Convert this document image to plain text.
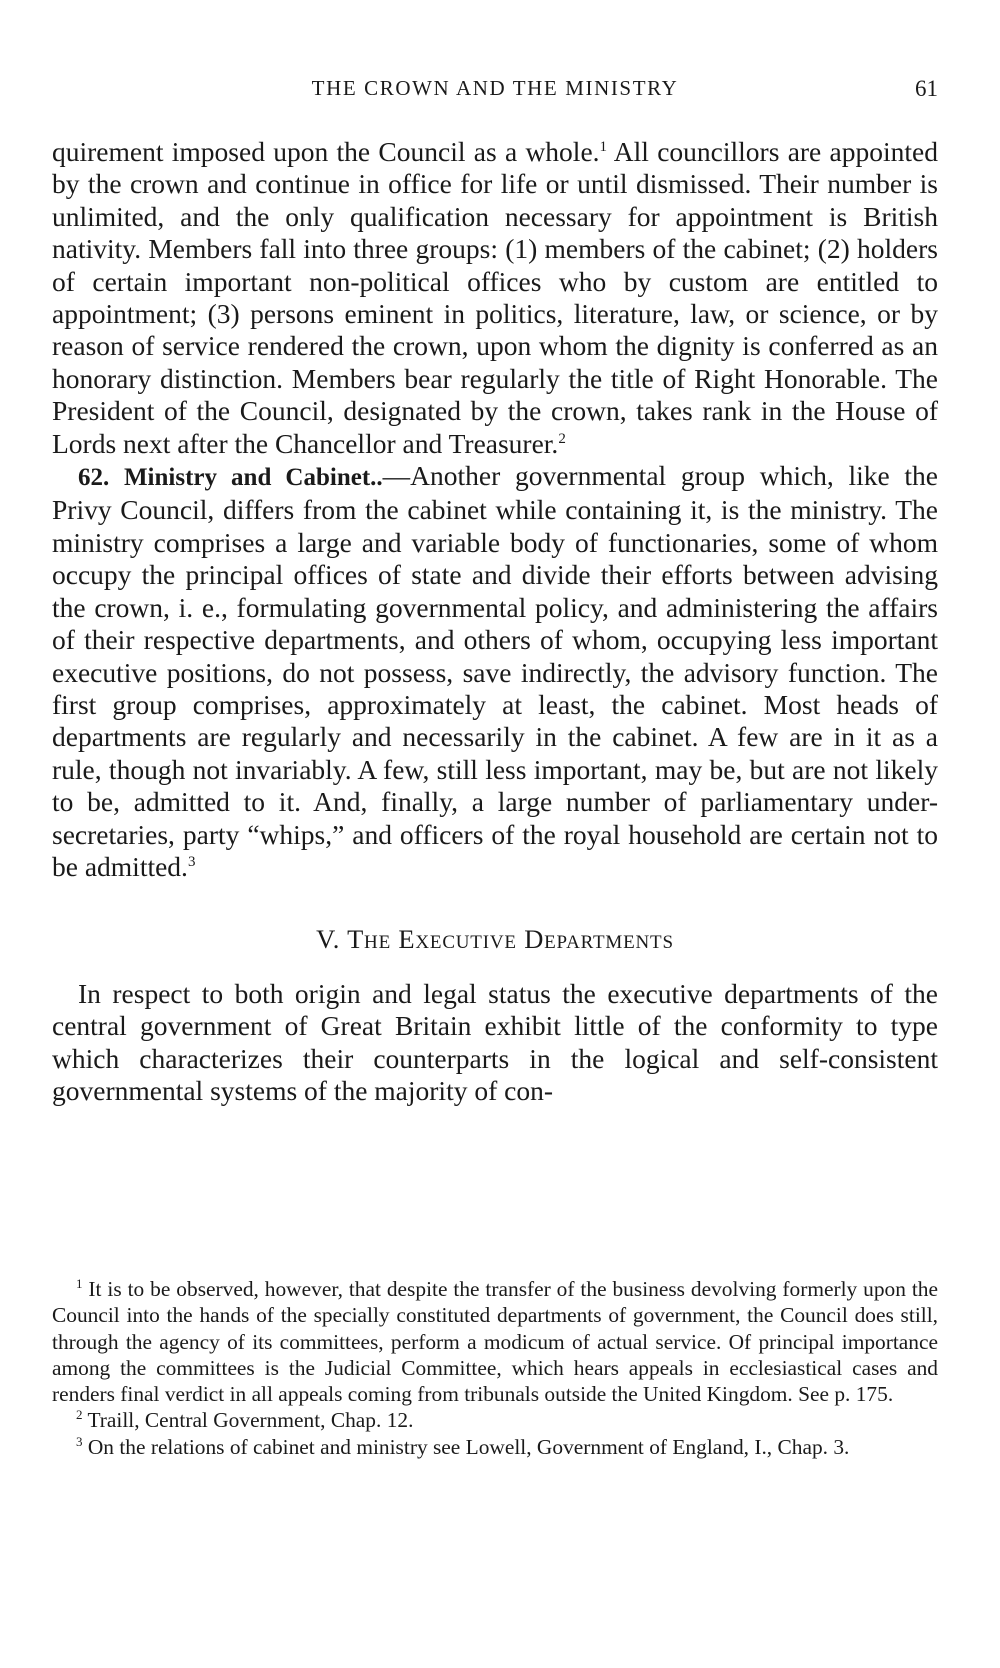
THE CROWN AND THE MINISTRY	61

quirement imposed upon the Council as a whole.$^1$ All councillors are appointed by the crown and continue in office for life or until dismissed. Their number is unlimited, and the only qualification necessary for appointment is British nativity. Members fall into three groups: (1) members of the cabinet; (2) holders of certain important non-political offices who by custom are entitled to appointment; (3) persons eminent in politics, literature, law, or science, or by reason of service rendered the crown, upon whom the dignity is conferred as an honorary distinction. Members bear regularly the title of Right Honorable. The President of the Council, designated by the crown, takes rank in the House of Lords next after the Chancellor and Treasurer.$^2$

62. Ministry and Cabinet..—Another governmental group which, like the Privy Council, differs from the cabinet while containing it, is the ministry. The ministry comprises a large and variable body of functionaries, some of whom occupy the principal offices of state and divide their efforts between advising the crown, i. e., formulating governmental policy, and administering the affairs of their respective departments, and others of whom, occupying less important executive positions, do not possess, save indirectly, the advisory function. The first group comprises, approximately at least, the cabinet. Most heads of departments are regularly and necessarily in the cabinet. A few are in it as a rule, though not invariably. A few, still less important, may be, but are not likely to be, admitted to it. And, finally, a large number of parliamentary under-secretaries, party “whips,” and officers of the royal household are certain not to be admitted.$^3$

V. The Executive Departments

In respect to both origin and legal status the executive departments of the central government of Great Britain exhibit little of the conformity to type which characterizes their counterparts in the logical and self-consistent governmental systems of the majority of con-

$^1$ It is to be observed, however, that despite the transfer of the business devolving formerly upon the Council into the hands of the specially constituted departments of government, the Council does still, through the agency of its committees, perform a modicum of actual service. Of principal importance among the committees is the Judicial Committee, which hears appeals in ecclesiastical cases and renders final verdict in all appeals coming from tribunals outside the United Kingdom. See p. 175.

$^2$ Traill, Central Government, Chap. 12.

$^3$ On the relations of cabinet and ministry see Lowell, Government of England, I., Chap. 3.
